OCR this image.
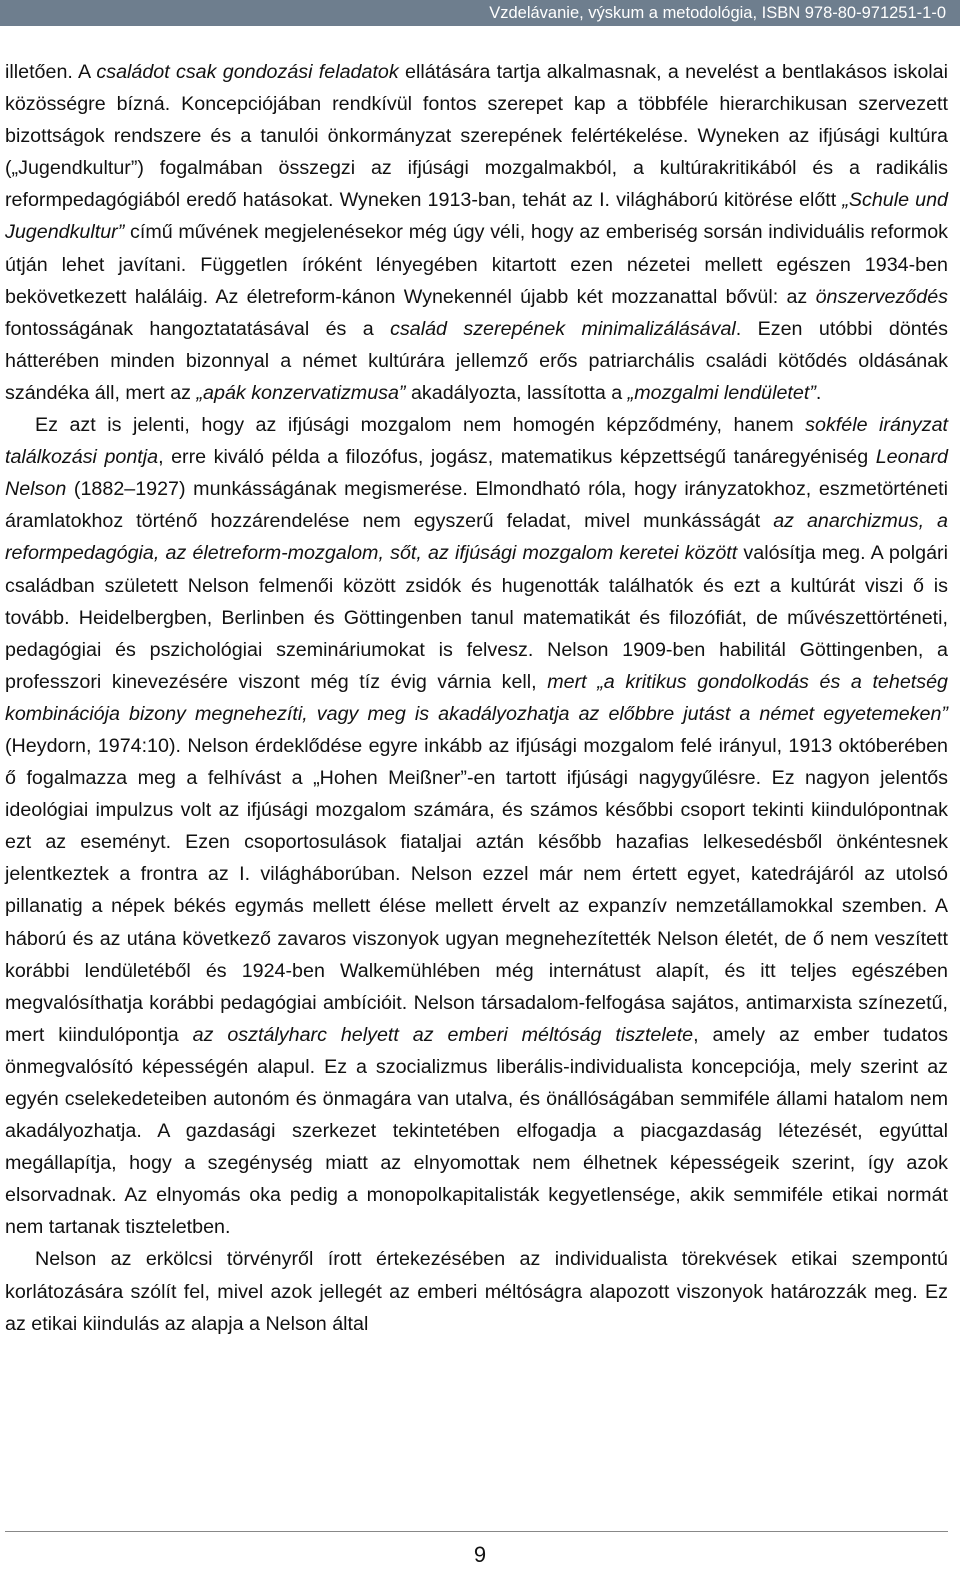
Vzdelávanie, výskum a metodológia, ISBN 978-80-971251-1-0

illetően. A családot csak gondozási feladatok ellátására tartja alkalmasnak, a nevelést a bentlakásos iskolai közösségre bízná. Koncepciójában rendkívül fontos szerepet kap a többféle hierarchikusan szervezett bizottságok rendszere és a tanulói önkormányzat szerepének felértékelése. Wyneken az ifjúsági kultúra („Jugendkultur”) fogalmában összegzi az ifjúsági mozgalmakból, a kultúrakritikából és a radikális reformpedagógiából eredő hatásokat. Wyneken 1913-ban, tehát az I. világháború kitörése előtt „Schule und Jugendkultur” című művének megjelenésekor még úgy véli, hogy az emberiség sorsán individuális reformok útján lehet javítani. Független íróként lényegében kitartott ezen nézetei mellett egészen 1934-ben bekövetkezett haláláig. Az életreform-kánon Wynekennél újabb két mozzanattal bővül: az önszerveződés fontosságának hangoztatatásával és a család szerepének minimalizálásával. Ezen utóbbi döntés hátterében minden bizonnyal a német kultúrára jellemző erős patriarchális családi kötődés oldásának szándéka áll, mert az „apák konzervatizmusa” akadályozta, lassította a „mozgalmi lendületet”.

Ez azt is jelenti, hogy az ifjúsági mozgalom nem homogén képződmény, hanem sokféle irányzat találkozási pontja, erre kiváló példa a filozófus, jogász, matematikus képzettségű tanáregyéniség Leonard Nelson (1882–1927) munkásságának megismerése. Elmondható róla, hogy irányzatokhoz, eszmetörténeti áramlatokhoz történő hozzárendelése nem egyszerű feladat, mivel munkásságát az anarchizmus, a reformpedagógia, az életreform-mozgalom, sőt, az ifjúsági mozgalom keretei között valósítja meg. A polgári családban született Nelson felmenői között zsidók és hugenották találhatók és ezt a kultúrát viszi ő is tovább. Heidelbergben, Berlinben és Göttingenben tanul matematikát és filozófiát, de művészettörténeti, pedagógiai és pszichológiai szemináriumokat is felvesz. Nelson 1909-ben habilitál Göttingenben, a professzori kinevezésére viszont még tíz évig várnia kell, mert „a kritikus gondolkodás és a tehetség kombinációja bizony megnehezíti, vagy meg is akadályozhatja az előbbre jutást a német egyetemeken” (Heydorn, 1974:10). Nelson érdeklődése egyre inkább az ifjúsági mozgalom felé irányul, 1913 októberében ő fogalmazza meg a felhívást a „Hohen Meißner”-en tartott ifjúsági nagygyűlésre. Ez nagyon jelentős ideológiai impulzus volt az ifjúsági mozgalom számára, és számos későbbi csoport tekinti kiindulópontnak ezt az eseményt. Ezen csoportosulások fiataljai aztán később hazafias lelkesedésből önkéntesnek jelentkeztek a frontra az I. világháborúban. Nelson ezzel már nem értett egyet, katedrájáról az utolsó pillanatig a népek békés egymás mellett élése mellett érvelt az expanzív nemzetállamokkal szemben. A háború és az utána következő zavaros viszonyok ugyan megnehezítették Nelson életét, de ő nem veszített korábbi lendületéből és 1924-ben Walkemühlében még internátust alapít, és itt teljes egészében megvalósíthatja korábbi pedagógiai ambícióit. Nelson társadalom-felfogása sajátos, antimarxista színezetű, mert kiindulópontja az osztályharc helyett az emberi méltóság tisztelete, amely az ember tudatos önmegvalósító képességén alapul. Ez a szocializmus liberális-individualista koncepciója, mely szerint az egyén cselekedeteiben autonóm és önmagára van utalva, és önállóságában semmiféle állami hatalom nem akadályozhatja. A gazdasági szerkezet tekintetében elfogadja a piacgazdaság létezését, egyúttal megállapítja, hogy a szegénység miatt az elnyomottak nem élhetnek képességeik szerint, így azok elsorvadnak. Az elnyomás oka pedig a monopolkapitalisták kegyetlensége, akik semmiféle etikai normát nem tartanak tiszteletben.

Nelson az erkölcsi törvényről írott értekezésében az individualista törekvések etikai szempontú korlátozására szólít fel, mivel azok jellegét az emberi méltóságra alapozott viszonyok határozzák meg. Ez az etikai kiindulás az alapja a Nelson által

9
